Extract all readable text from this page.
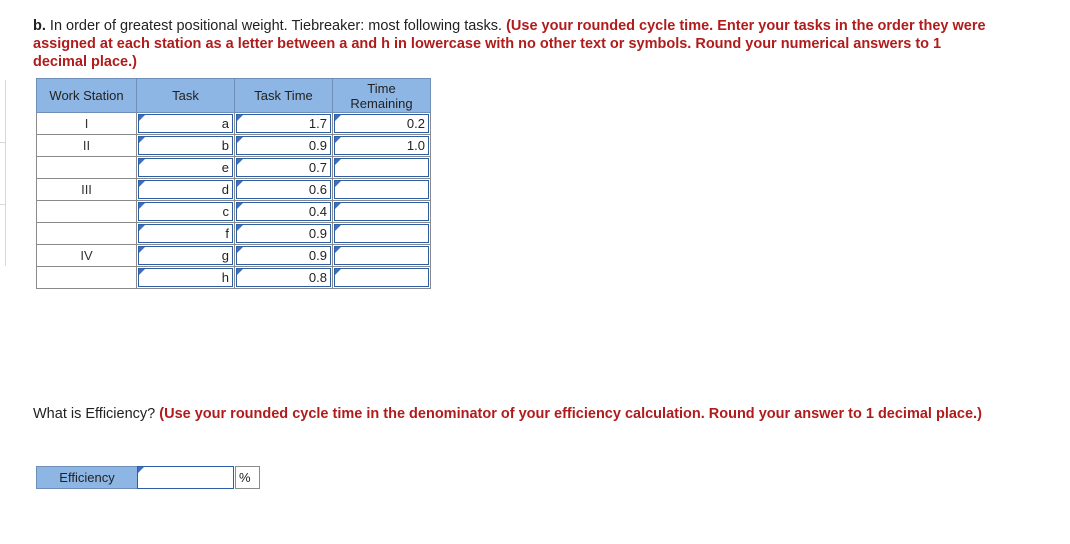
b. In order of greatest positional weight. Tiebreaker: most following tasks. (Use your rounded cycle time. Enter your tasks in the order they were assigned at each station as a letter between a and h in lowercase with no other text or symbols. Round your numerical answers to 1 decimal place.)
Work Station	Task	Task Time	Time Remaining

I	a	1.7	0.2

II	b	0.9	1.0

	e	0.7	

III	d	0.6	

	c	0.4	

	f	0.9	

IV	g	0.9	

	h	0.8	

What is Efficiency? (Use your rounded cycle time in the denominator of your efficiency calculation. Round your answer to 1 decimal place.)
Efficiency	%
